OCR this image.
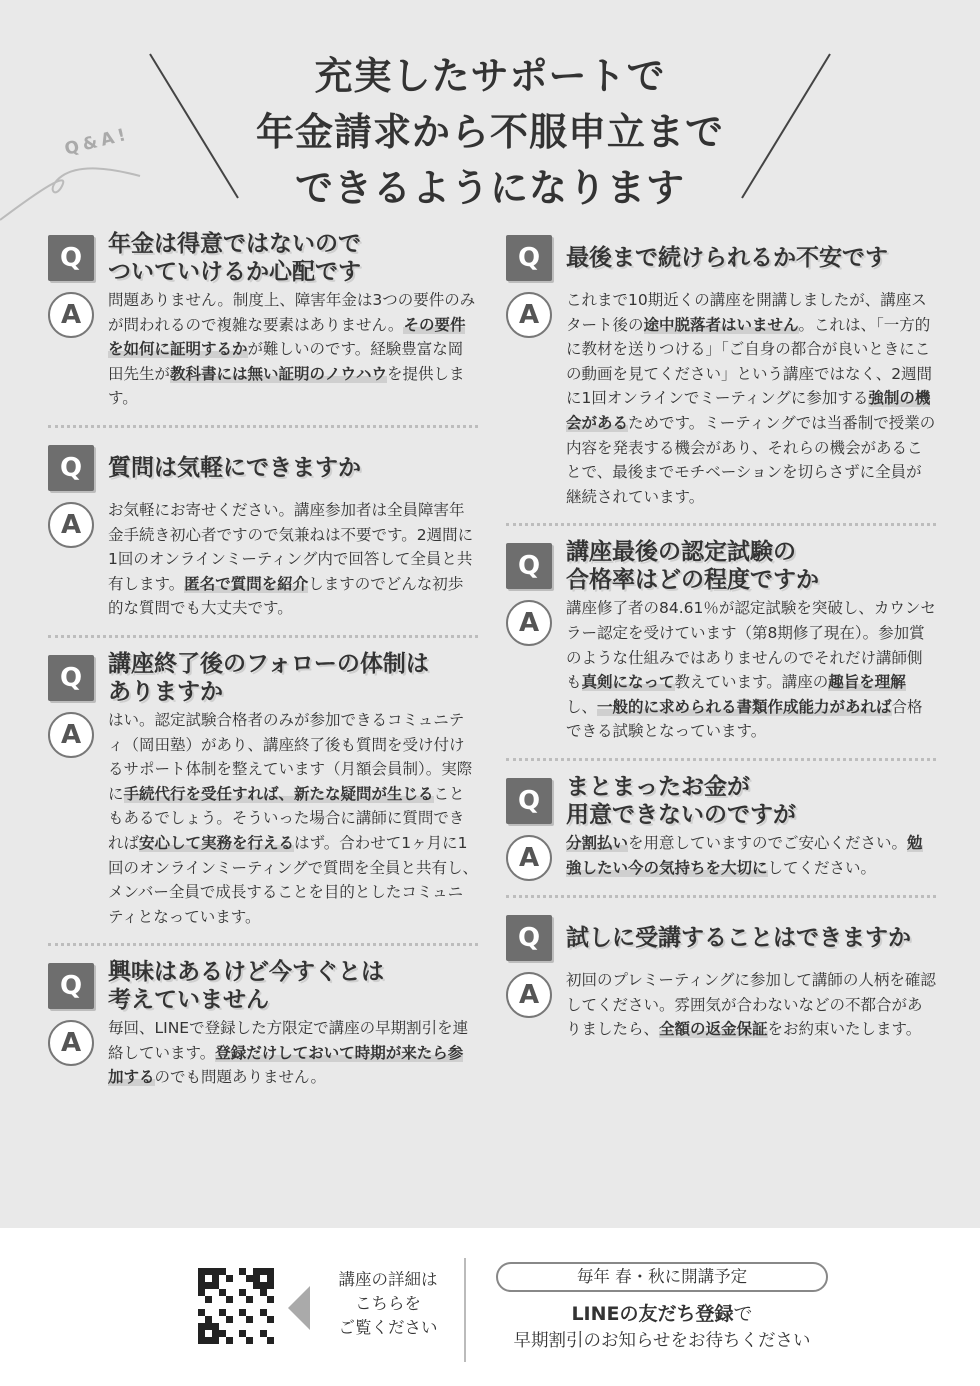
Q&A!
充実したサポートで
年金請求から不服申立まで
できるようになります
Q	年金は得意ではないので
ついていけるか心配です
A	問題ありません。制度上、障害年金は3つの要件のみが問われるので複雑な要素はありません。その要件を如何に証明するかが難しいのです。経験豊富な岡田先生が教科書には無い証明のノウハウを提供します。
Q	質問は気軽にできますか
A	お気軽にお寄せください。講座参加者は全員障害年金手続き初心者ですので気兼ねは不要です。2週間に1回のオンラインミーティング内で回答して全員と共有します。匿名で質問を紹介しますのでどんな初歩的な質問でも大丈夫です。
Q	講座終了後のフォローの体制は
ありますか
A	はい。認定試験合格者のみが参加できるコミュニティ（岡田塾）があり、講座終了後も質問を受け付けるサポート体制を整えています（月額会員制）。実際に手続代行を受任すれば、新たな疑問が生じることもあるでしょう。そういった場合に講師に質問できれば安心して実務を行えるはず。合わせて1ヶ月に1回のオンラインミーティングで質問を全員と共有し、メンバー全員で成長することを目的としたコミュニティとなっています。
Q	興味はあるけど今すぐとは
考えていません
A	毎回、LINEで登録した方限定で講座の早期割引を連絡しています。登録だけしておいて時期が来たら参加するのでも問題ありません。
Q	最後まで続けられるか不安です
A	これまで10期近くの講座を開講しましたが、講座スタート後の途中脱落者はいません。これは、「一方的に教材を送りつける」「ご自身の都合が良いときにこの動画を見てください」という講座ではなく、2週間に1回オンラインでミーティングに参加する強制の機会があるためです。ミーティングでは当番制で授業の内容を発表する機会があり、それらの機会があることで、最後までモチベーションを切らさずに全員が継続されています。
Q	講座最後の認定試験の
合格率はどの程度ですか
A	講座修了者の84.61％が認定試験を突破し、カウンセラー認定を受けています（第8期修了現在）。参加賞のような仕組みではありませんのでそれだけ講師側も真剣になって教えています。講座の趣旨を理解し、一般的に求められる書類作成能力があれば合格できる試験となっています。
Q	まとまったお金が
用意できないのですが
A	分割払いを用意していますのでご安心ください。勉強したい今の気持ちを大切にしてください。
Q	試しに受講することはできますか
A	初回のプレミーティングに参加して講師の人柄を確認してください。雰囲気が合わないなどの不都合がありましたら、全額の返金保証をお約束いたします。
講座の詳細は
こちらを
ご覧ください
毎年 春・秋に開講予定
LINEの友だち登録で
早期割引のお知らせをお待ちください
